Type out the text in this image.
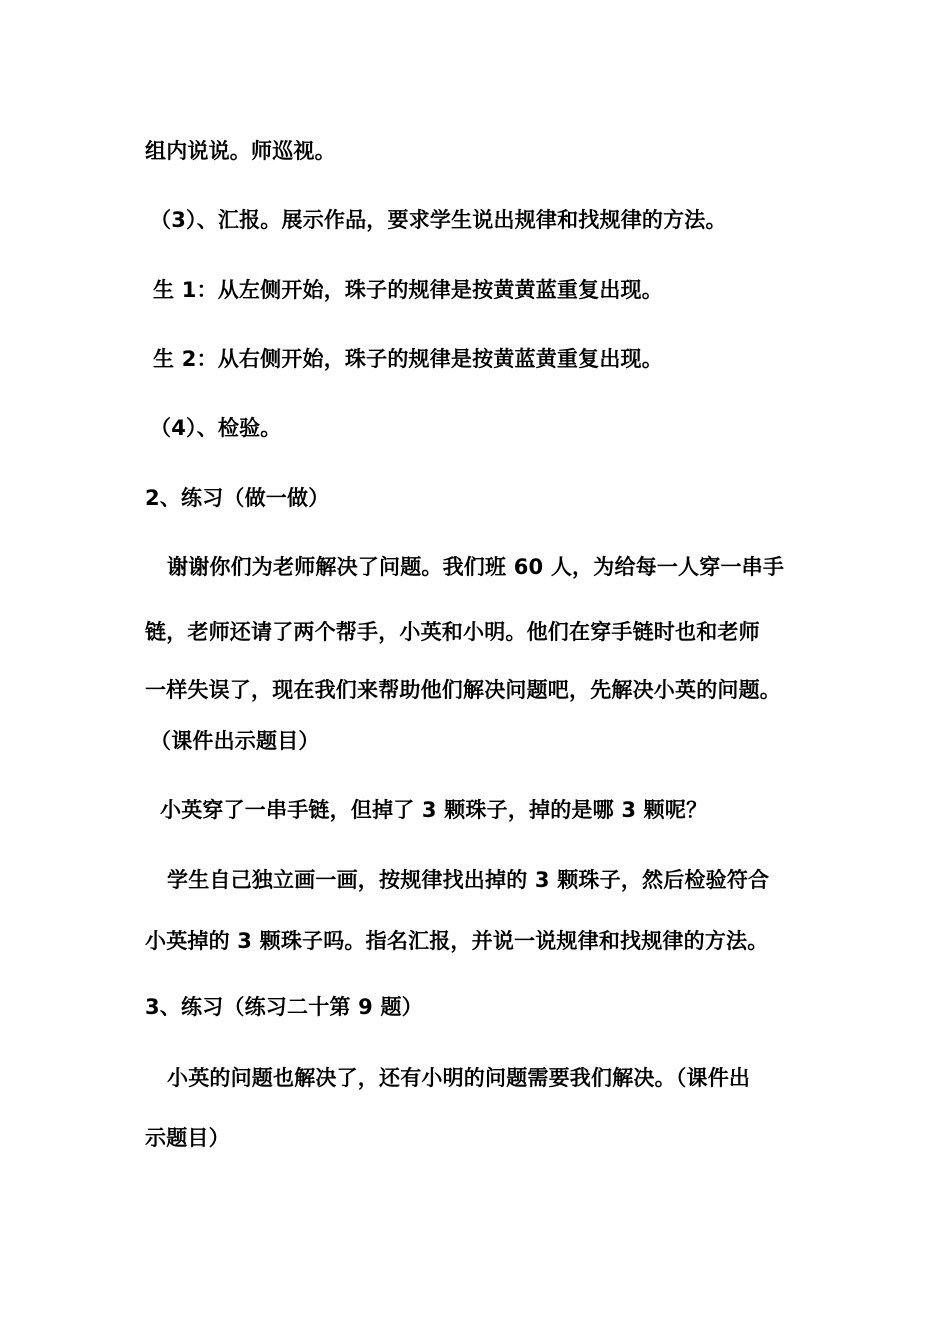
组内说说。师巡视。
（3）、汇报。展示作品，要求学生说出规律和找规律的方法。
生 1：从左侧开始，珠子的规律是按黄黄蓝重复出现。
生 2：从右侧开始，珠子的规律是按黄蓝黄重复出现。
（4）、检验。
2、练习（做一做）
谢谢你们为老师解决了问题。我们班 60 人，为给每一人穿一串手
链，老师还请了两个帮手，小英和小明。他们在穿手链时也和老师
一样失误了，现在我们来帮助他们解决问题吧，先解决小英的问题。
（课件出示题目）
小英穿了一串手链，但掉了 3 颗珠子，掉的是哪 3 颗呢？
学生自己独立画一画，按规律找出掉的 3 颗珠子，然后检验符合
小英掉的 3 颗珠子吗。指名汇报，并说一说规律和找规律的方法。
3、练习（练习二十第 9 题）
小英的问题也解决了，还有小明的问题需要我们解决。（课件出
示题目）
